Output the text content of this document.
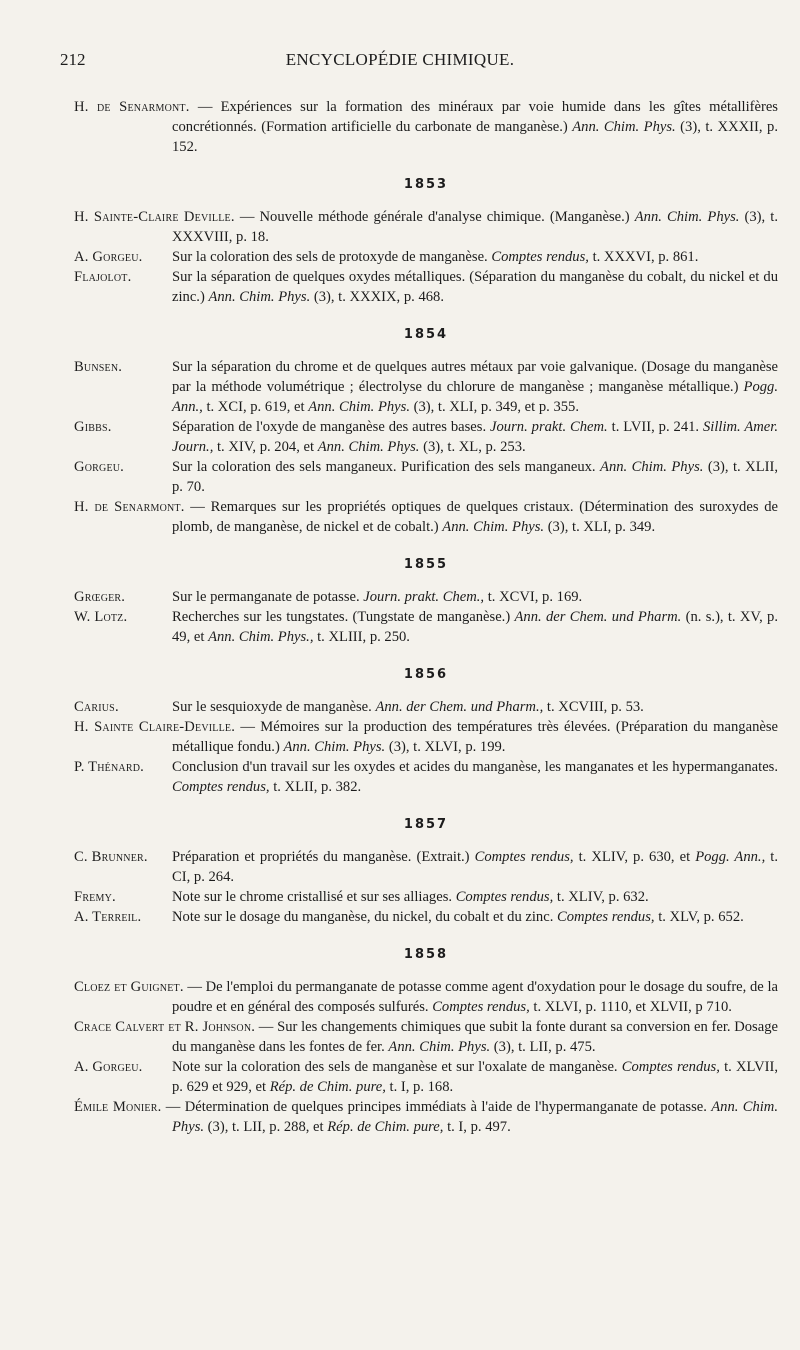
212	ENCYCLOPÉDIE CHIMIQUE.
H. de Senarmont. — Expériences sur la formation des minéraux par voie humide dans les gîtes métallifères concrétionnés. (Formation artificielle du carbonate de manganèse.) Ann. Chim. Phys. (3), t. XXXII, p. 152.
1853
H. Sainte-Claire Deville. — Nouvelle méthode générale d'analyse chimique. (Manganèse.) Ann. Chim. Phys. (3), t. XXXVIII, p. 18.
A. Gorgeu. Sur la coloration des sels de protoxyde de manganèse. Comptes rendus, t. XXXVI, p. 861.
Flajolot.	Sur la séparation de quelques oxydes métalliques. (Séparation du manganèse du cobalt, du nickel et du zinc.) Ann. Chim. Phys. (3), t. XXXIX, p. 468.
1854
Bunsen.	Sur la séparation du chrome et de quelques autres métaux par voie galvanique. (Dosage du manganèse par la méthode volumétrique ; électrolyse du chlorure de manganèse ; manganèse métallique.) Pogg. Ann., t. XCI, p. 619, et Ann. Chim. Phys. (3), t. XLI, p. 349, et p. 355.
Gibbs.	Séparation de l'oxyde de manganèse des autres bases. Journ. prakt. Chem. t. LVII, p. 241. Sillim. Amer. Journ., t. XIV, p. 204, et Ann. Chim. Phys. (3), t. XL, p. 253.
Gorgeu.	Sur la coloration des sels manganeux. Purification des sels manganeux. Ann. Chim. Phys. (3), t. XLII, p. 70.
H. de Senarmont. — Remarques sur les propriétés optiques de quelques cristaux. (Détermination des suroxydes de plomb, de manganèse, de nickel et de cobalt.) Ann. Chim. Phys. (3), t. XLI, p. 349.
1855
Grœger.	Sur le permanganate de potasse. Journ. prakt. Chem., t. XCVI, p. 169.
W. Lotz.	Recherches sur les tungstates. (Tungstate de manganèse.) Ann. der Chem. und Pharm. (n. s.), t. XV, p. 49, et Ann. Chim. Phys., t. XLIII, p. 250.
1856
Carius.	Sur le sesquioxyde de manganèse. Ann. der Chem. und Pharm., t. XCVIII, p. 53.
H. Sainte Claire-Deville. — Mémoires sur la production des températures très élevées. (Préparation du manganèse métallique fondu.) Ann. Chim. Phys. (3), t. XLVI, p. 199.
P. Thénard. Conclusion d'un travail sur les oxydes et acides du manganèse, les manganates et les hypermanganates. Comptes rendus, t. XLII, p. 382.
1857
C. Brunner. Préparation et propriétés du manganèse. (Extrait.) Comptes rendus, t. XLIV, p. 630, et Pogg. Ann., t. CI, p. 264.
Fremy.	Note sur le chrome cristallisé et sur ses alliages. Comptes rendus, t. XLIV, p. 632.
A. Terreil. Note sur le dosage du manganèse, du nickel, du cobalt et du zinc. Comptes rendus, t. XLV, p. 652.
1858
Cloez et Guignet. — De l'emploi du permanganate de potasse comme agent d'oxydation pour le dosage du soufre, de la poudre et en général des composés sulfurés. Comptes rendus, t. XLVI, p. 1110, et XLVII, p 710.
Crace Calvert et R. Johnson. — Sur les changements chimiques que subit la fonte durant sa conversion en fer. Dosage du manganèse dans les fontes de fer. Ann. Chim. Phys. (3), t. LII, p. 475.
A. Gorgeu. Note sur la coloration des sels de manganèse et sur l'oxalate de manganèse. Comptes rendus, t. XLVII, p. 629 et 929, et Rép. de Chim. pure, t. I, p. 168.
Émile Monier. — Détermination de quelques principes immédiats à l'aide de l'hypermanganate de potasse. Ann. Chim. Phys. (3), t. LII, p. 288, et Rép. de Chim. pure, t. I, p. 497.
